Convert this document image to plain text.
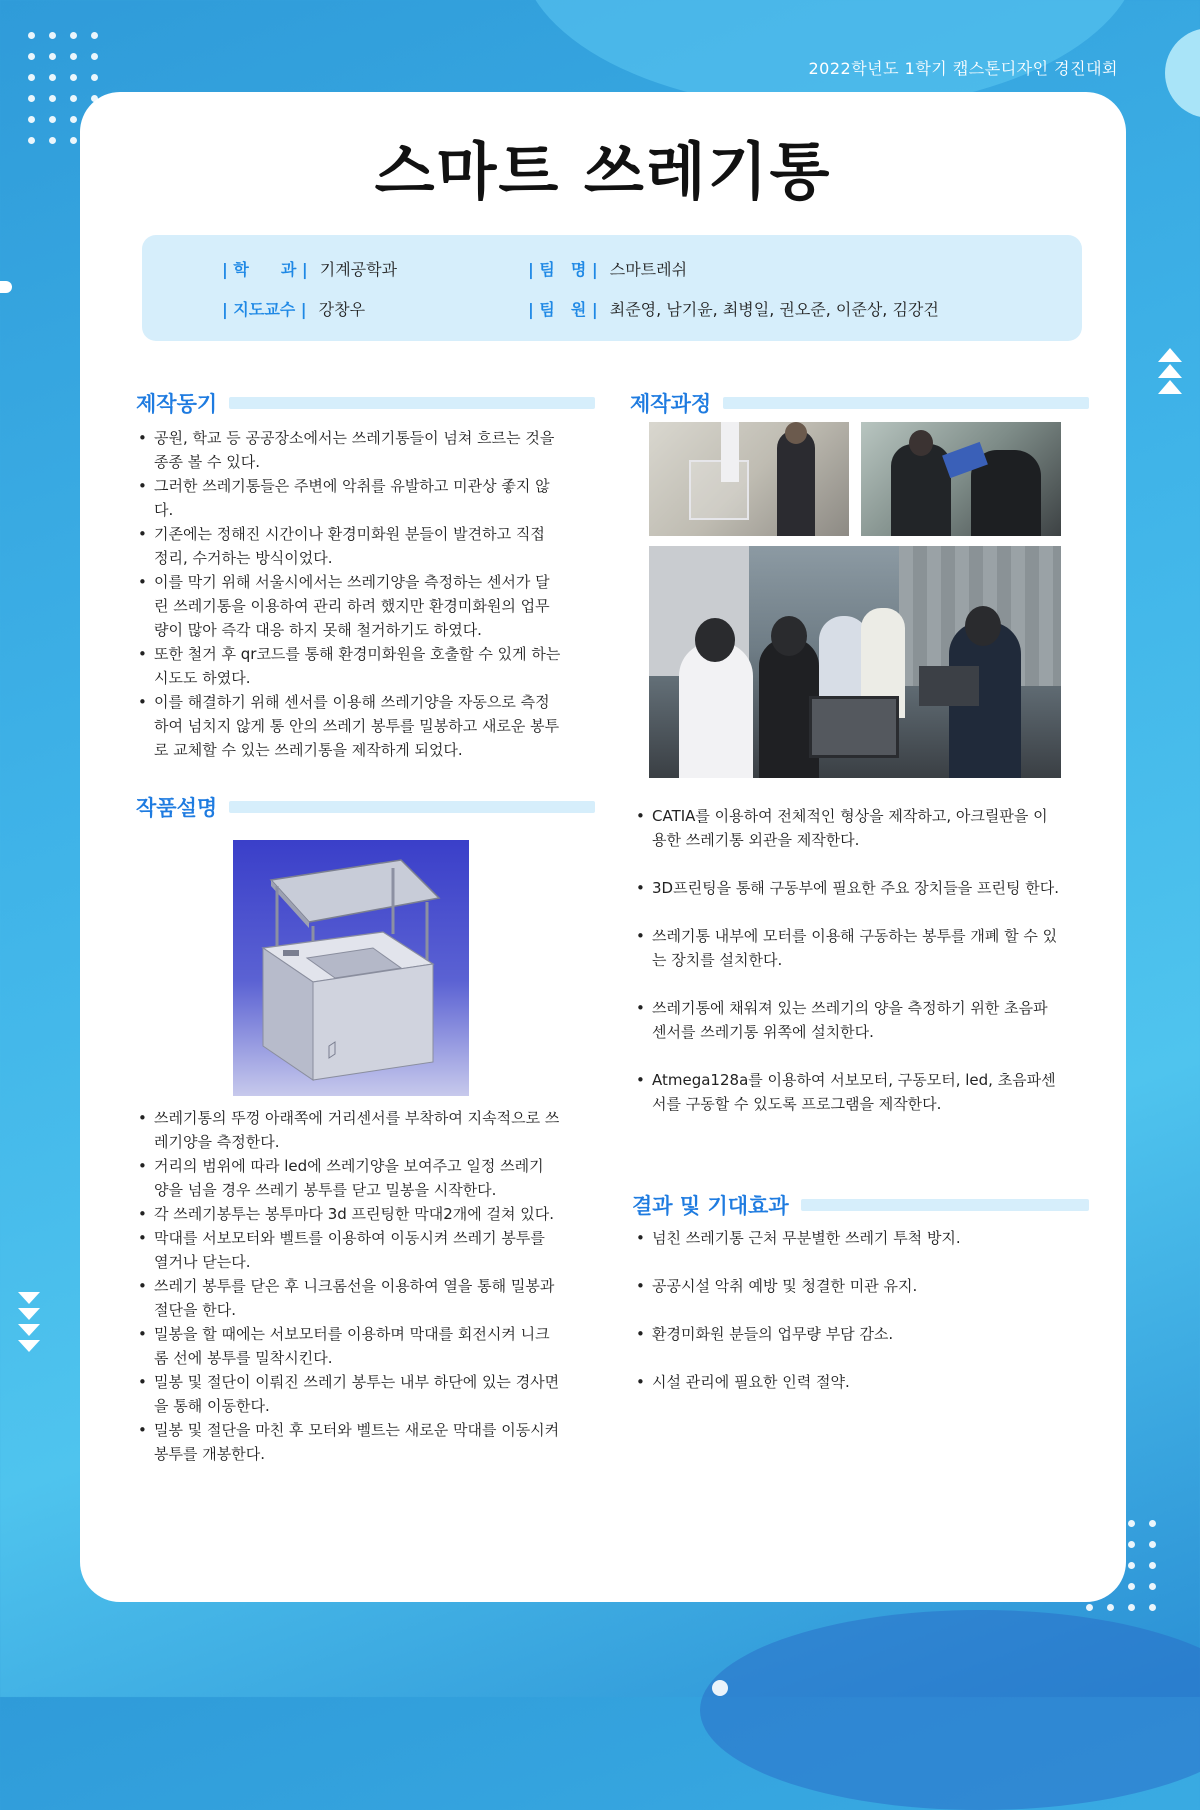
2022학년도 1학기 캡스톤디자인 경진대회

스마트 쓰레기통
| 학　　과 | 기계공학과
| 지도교수 | 강창우
| 팀　명 | 스마트레쉬
| 팀　원 | 최준영, 남기윤, 최병일, 권오준, 이준상, 김강건
제작동기
• 공원, 학교 등 공공장소에서는 쓰레기통들이 넘쳐 흐르는 것을 종종 볼 수 있다.
• 그러한 쓰레기통들은 주변에 악취를 유발하고 미관상 좋지 않다.
• 기존에는 정해진 시간이나 환경미화원 분들이 발견하고 직접 정리, 수거하는 방식이었다.
• 이를 막기 위해 서울시에서는 쓰레기양을 측정하는 센서가 달린 쓰레기통을 이용하여 관리 하려 했지만 환경미화원의 업무량이 많아 즉각 대응 하지 못해 철거하기도 하였다.
• 또한 철거 후 qr코드를 통해 환경미화원을 호출할 수 있게 하는 시도도 하였다.
• 이를 해결하기 위해 센서를 이용해 쓰레기양을 자동으로 측정하여 넘치지 않게 통 안의 쓰레기 봉투를 밀봉하고 새로운 봉투로 교체할 수 있는 쓰레기통을 제작하게 되었다.
작품설명
• 쓰레기통의 뚜껑 아래쪽에 거리센서를 부착하여 지속적으로 쓰레기양을 측정한다.
• 거리의 범위에 따라 led에 쓰레기양을 보여주고 일정 쓰레기 양을 넘을 경우 쓰레기 봉투를 닫고 밀봉을 시작한다.
• 각 쓰레기봉투는 봉투마다 3d 프린팅한 막대2개에 걸쳐 있다.
• 막대를 서보모터와 벨트를 이용하여 이동시켜 쓰레기 봉투를 열거나 닫는다.
• 쓰레기 봉투를 닫은 후 니크롬선을 이용하여 열을 통해 밀봉과 절단을 한다.
• 밀봉을 할 때에는 서보모터를 이용하며 막대를 회전시켜 니크롬 선에 봉투를 밀착시킨다.
• 밀봉 및 절단이 이뤄진 쓰레기 봉투는 내부 하단에 있는 경사면을 통해 이동한다.
• 밀봉 및 절단을 마친 후 모터와 벨트는 새로운 막대를 이동시켜 봉투를 개봉한다.
제작과정
• CATIA를 이용하여 전체적인 형상을 제작하고, 아크릴판을 이용한 쓰레기통 외관을 제작한다.
• 3D프린팅을 통해 구동부에 필요한 주요 장치들을 프린팅 한다.
• 쓰레기통 내부에 모터를 이용해 구동하는 봉투를 개폐 할 수 있는 장치를 설치한다.
• 쓰레기통에 채워져 있는 쓰레기의 양을 측정하기 위한 초음파 센서를 쓰레기통 위쪽에 설치한다.
• Atmega128a를 이용하여 서보모터, 구동모터, led, 초음파센서를 구동할 수 있도록 프로그램을 제작한다.
결과 및 기대효과
• 넘친 쓰레기통 근처 무분별한 쓰레기 투척 방지.
• 공공시설 악취 예방 및 청결한 미관 유지.
• 환경미화원 분들의 업무량 부담 감소.
• 시설 관리에 필요한 인력 절약.
